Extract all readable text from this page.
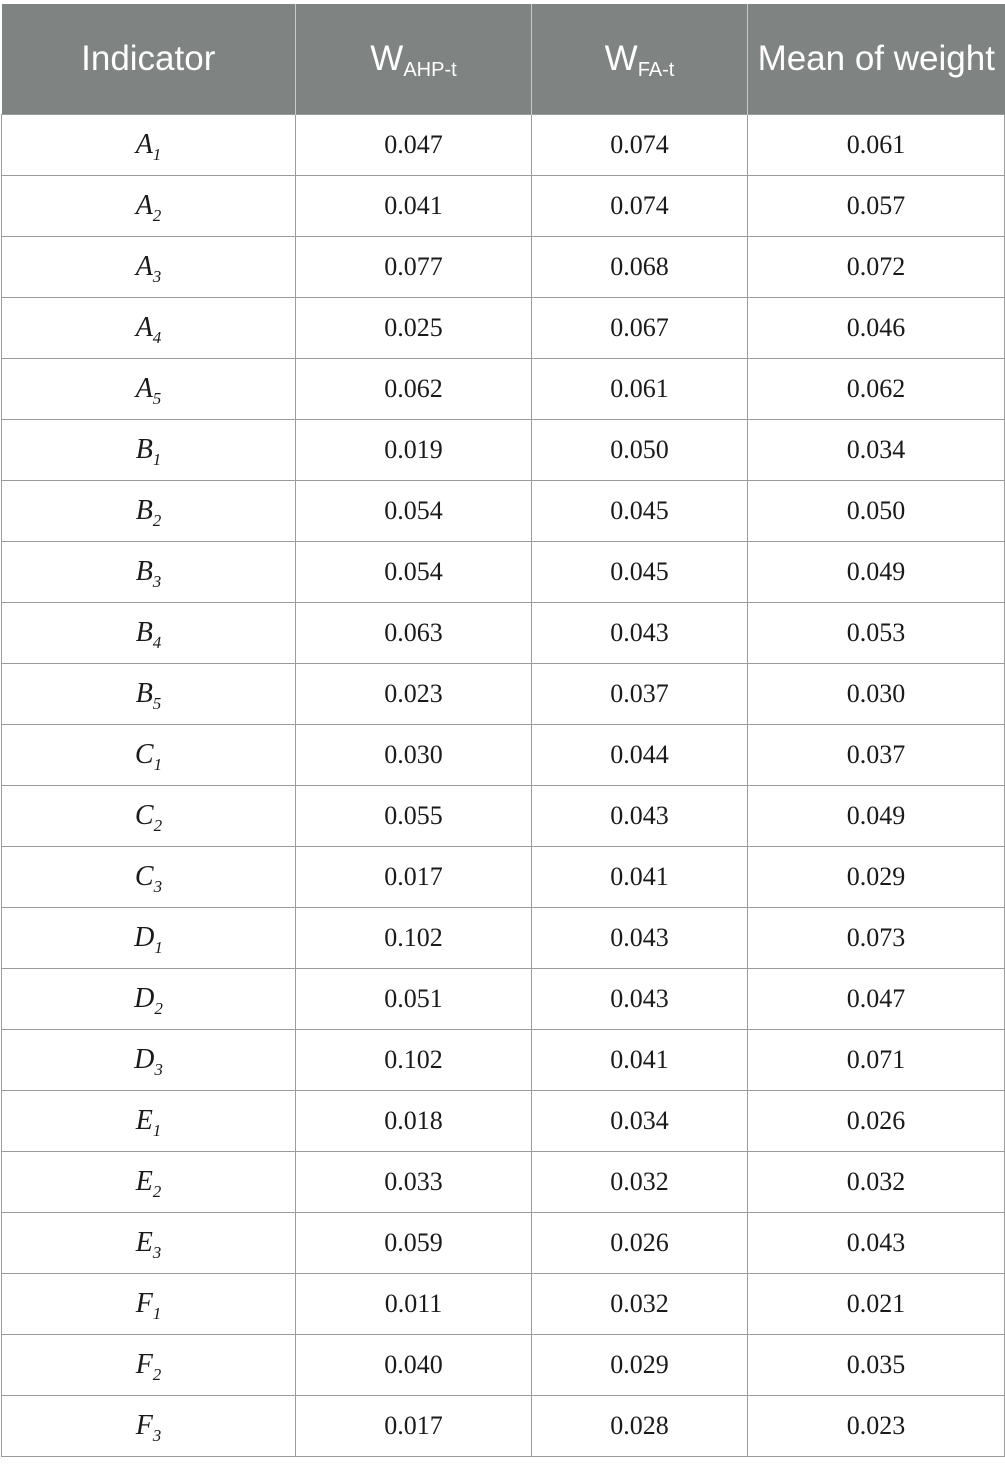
Indicator	$W_{AHP-t}$	$W_{FA-t}$	Mean of weight
$A_1$	0.047	0.074	0.061
$A_2$	0.041	0.074	0.057
$A_3$	0.077	0.068	0.072
$A_4$	0.025	0.067	0.046
$A_5$	0.062	0.061	0.062
$B_1$	0.019	0.050	0.034
$B_2$	0.054	0.045	0.050
$B_3$	0.054	0.045	0.049
$B_4$	0.063	0.043	0.053
$B_5$	0.023	0.037	0.030
$C_1$	0.030	0.044	0.037
$C_2$	0.055	0.043	0.049
$C_3$	0.017	0.041	0.029
$D_1$	0.102	0.043	0.073
$D_2$	0.051	0.043	0.047
$D_3$	0.102	0.041	0.071
$E_1$	0.018	0.034	0.026
$E_2$	0.033	0.032	0.032
$E_3$	0.059	0.026	0.043
$F_1$	0.011	0.032	0.021
$F_2$	0.040	0.029	0.035
$F_3$	0.017	0.028	0.023
